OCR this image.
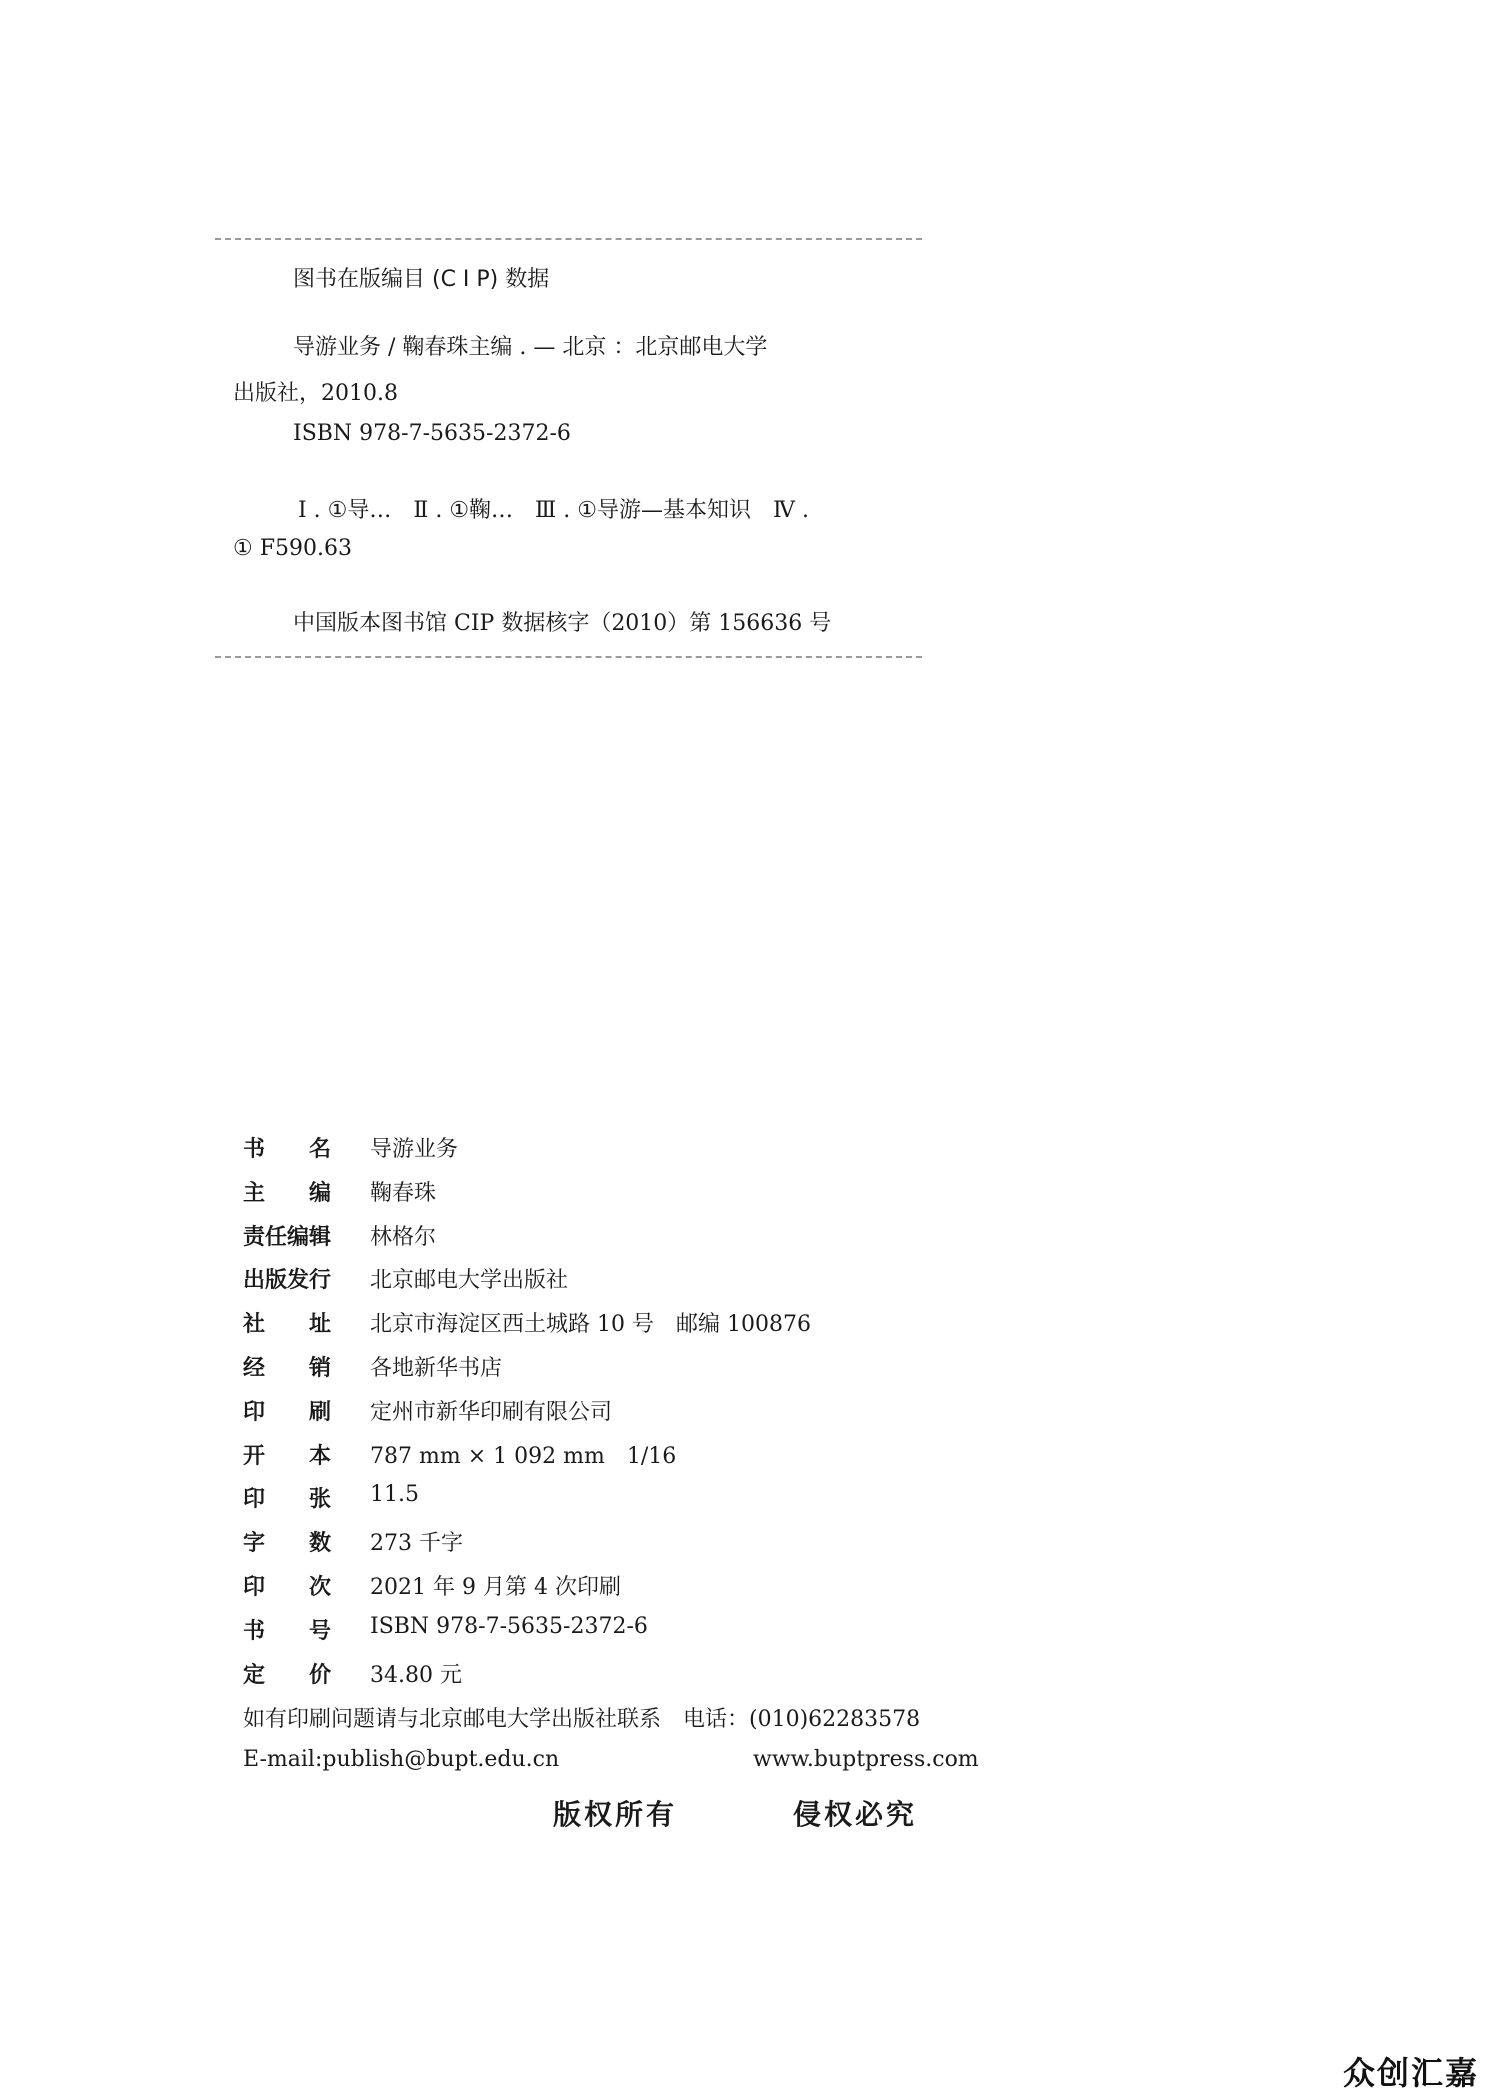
图书在版编目 (C I P) 数据
导游业务 / 鞠春珠主编 . — 北京 ：北京邮电大学
出版社，2010.8
ISBN 978-7-5635-2372-6
Ⅰ . ①导…　Ⅱ . ①鞠…　Ⅲ . ①导游—基本知识　Ⅳ .
① F590.63
中国版本图书馆 CIP 数据核字（2010）第 156636 号
书　　名 导游业务
主　　编 鞠春珠
责任编辑 林格尔
出版发行 北京邮电大学出版社
社　　址 北京市海淀区西土城路 10 号　邮编 100876
经　　销 各地新华书店
印　　刷 定州市新华印刷有限公司
开　　本 787 mm × 1 092 mm　1/16
印　　张 11.5
字　　数 273 千字
印　　次 2021 年 9 月第 4 次印刷
书　　号 ISBN 978-7-5635-2372-6
定　　价 34.80 元
如有印刷问题请与北京邮电大学出版社联系　电话：(010)62283578
E-mail:publish@bupt.edu.cn	www.buptpress.com
版权所有	侵权必究
众创汇嘉
